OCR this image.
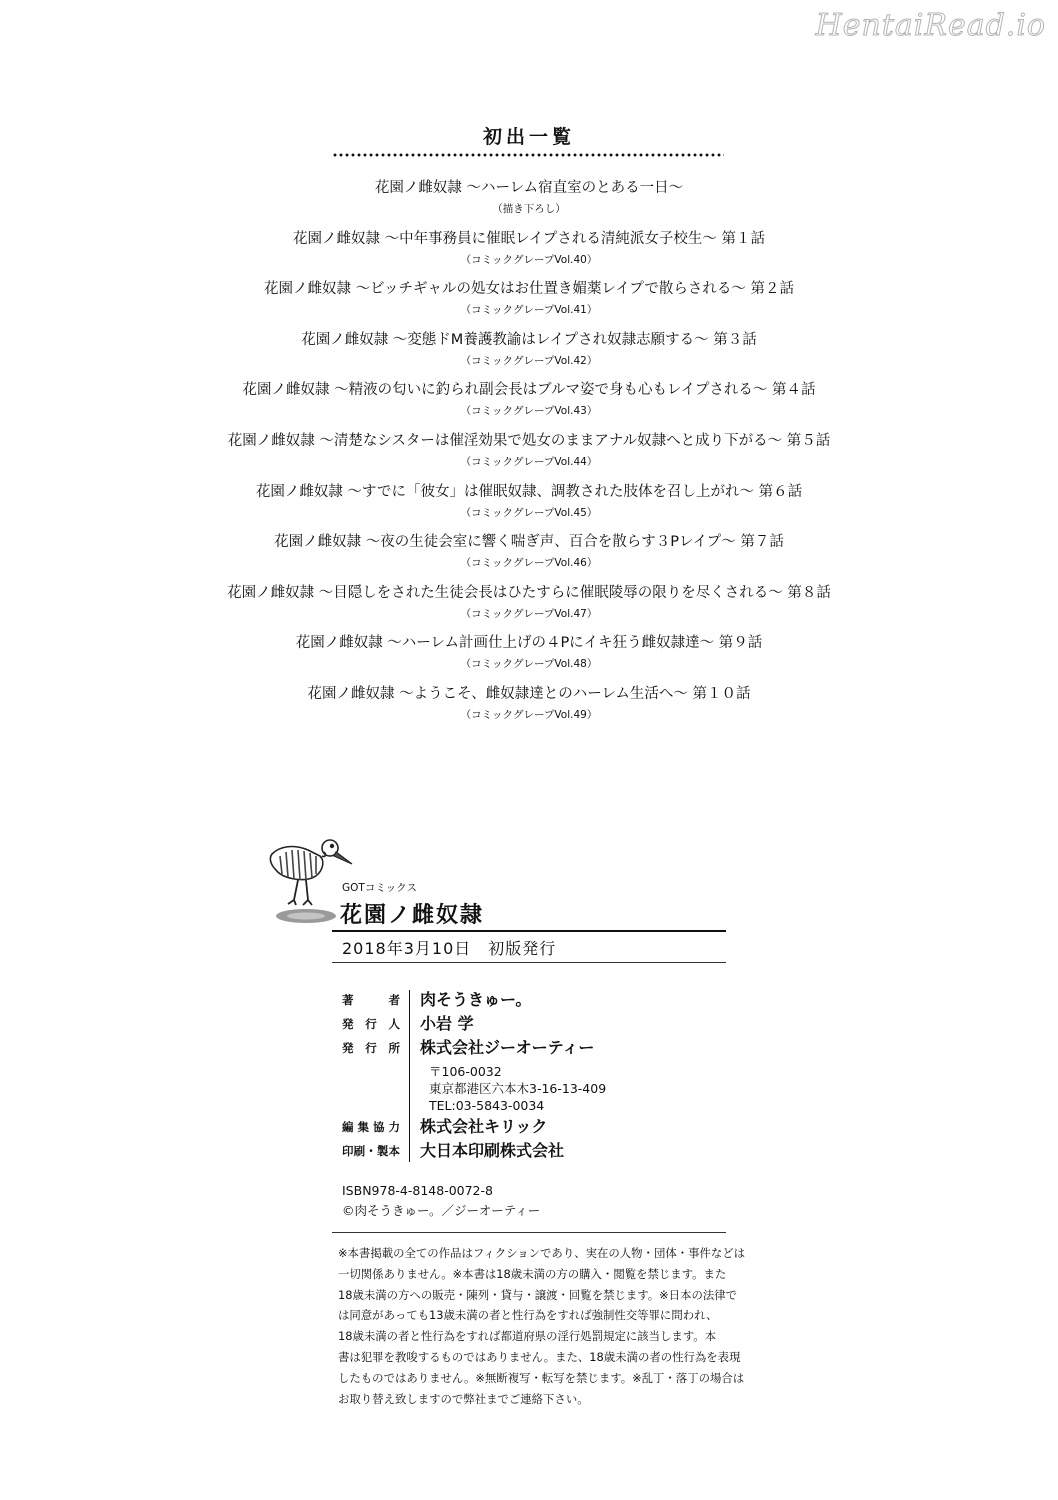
HentaiRead.io
初出一覧
花園ノ雌奴隷 ～ハーレム宿直室のとある一日～
（描き下ろし）
花園ノ雌奴隷 ～中年事務員に催眠レイプされる清純派女子校生～ 第１話
（コミックグレープVol.40）
花園ノ雌奴隷 ～ビッチギャルの処女はお仕置き媚薬レイプで散らされる～ 第２話
（コミックグレープVol.41）
花園ノ雌奴隷 ～変態ドM養護教諭はレイプされ奴隷志願する～ 第３話
（コミックグレープVol.42）
花園ノ雌奴隷 ～精液の匂いに釣られ副会長はブルマ姿で身も心もレイプされる～ 第４話
（コミックグレープVol.43）
花園ノ雌奴隷 ～清楚なシスターは催淫効果で処女のままアナル奴隷へと成り下がる～ 第５話
（コミックグレープVol.44）
花園ノ雌奴隷 ～すでに「彼女」は催眠奴隷、調教された肢体を召し上がれ～ 第６話
（コミックグレープVol.45）
花園ノ雌奴隷 ～夜の生徒会室に響く喘ぎ声、百合を散らす３Pレイプ～ 第７話
（コミックグレープVol.46）
花園ノ雌奴隷 ～目隠しをされた生徒会長はひたすらに催眠陵辱の限りを尽くされる～ 第８話
（コミックグレープVol.47）
花園ノ雌奴隷 ～ハーレム計画仕上げの４Pにイキ狂う雌奴隷達～ 第９話
（コミックグレープVol.48）
花園ノ雌奴隷 ～ようこそ、雌奴隷達とのハーレム生活へ～ 第１０話
（コミックグレープVol.49）
GOTコミックス
花園ノ雌奴隷
2018年3月10日　初版発行
著者 肉そうきゅー。
発行人 小岩 学
発行所 株式会社ジーオーティー
編集協力 株式会社キリック
印刷・製本 大日本印刷株式会社
〒106-0032
東京都港区六本木3-16-13-409
TEL:03-5843-0034
ISBN978-4-8148-0072-8
©肉そうきゅー。／ジーオーティー
※本書掲載の全ての作品はフィクションであり、実在の人物・団体・事件などは
一切関係ありません。※本書は18歳未満の方の購入・閲覧を禁じます。また
18歳未満の方への販売・陳列・貸与・譲渡・回覧を禁じます。※日本の法律で
は同意があっても13歳未満の者と性行為をすれば強制性交等罪に問われ、
18歳未満の者と性行為をすれば都道府県の淫行処罰規定に該当します。本
書は犯罪を教唆するものではありません。また、18歳未満の者の性行為を表現
したものではありません。※無断複写・転写を禁じます。※乱丁・落丁の場合は
お取り替え致しますので弊社までご連絡下さい。
